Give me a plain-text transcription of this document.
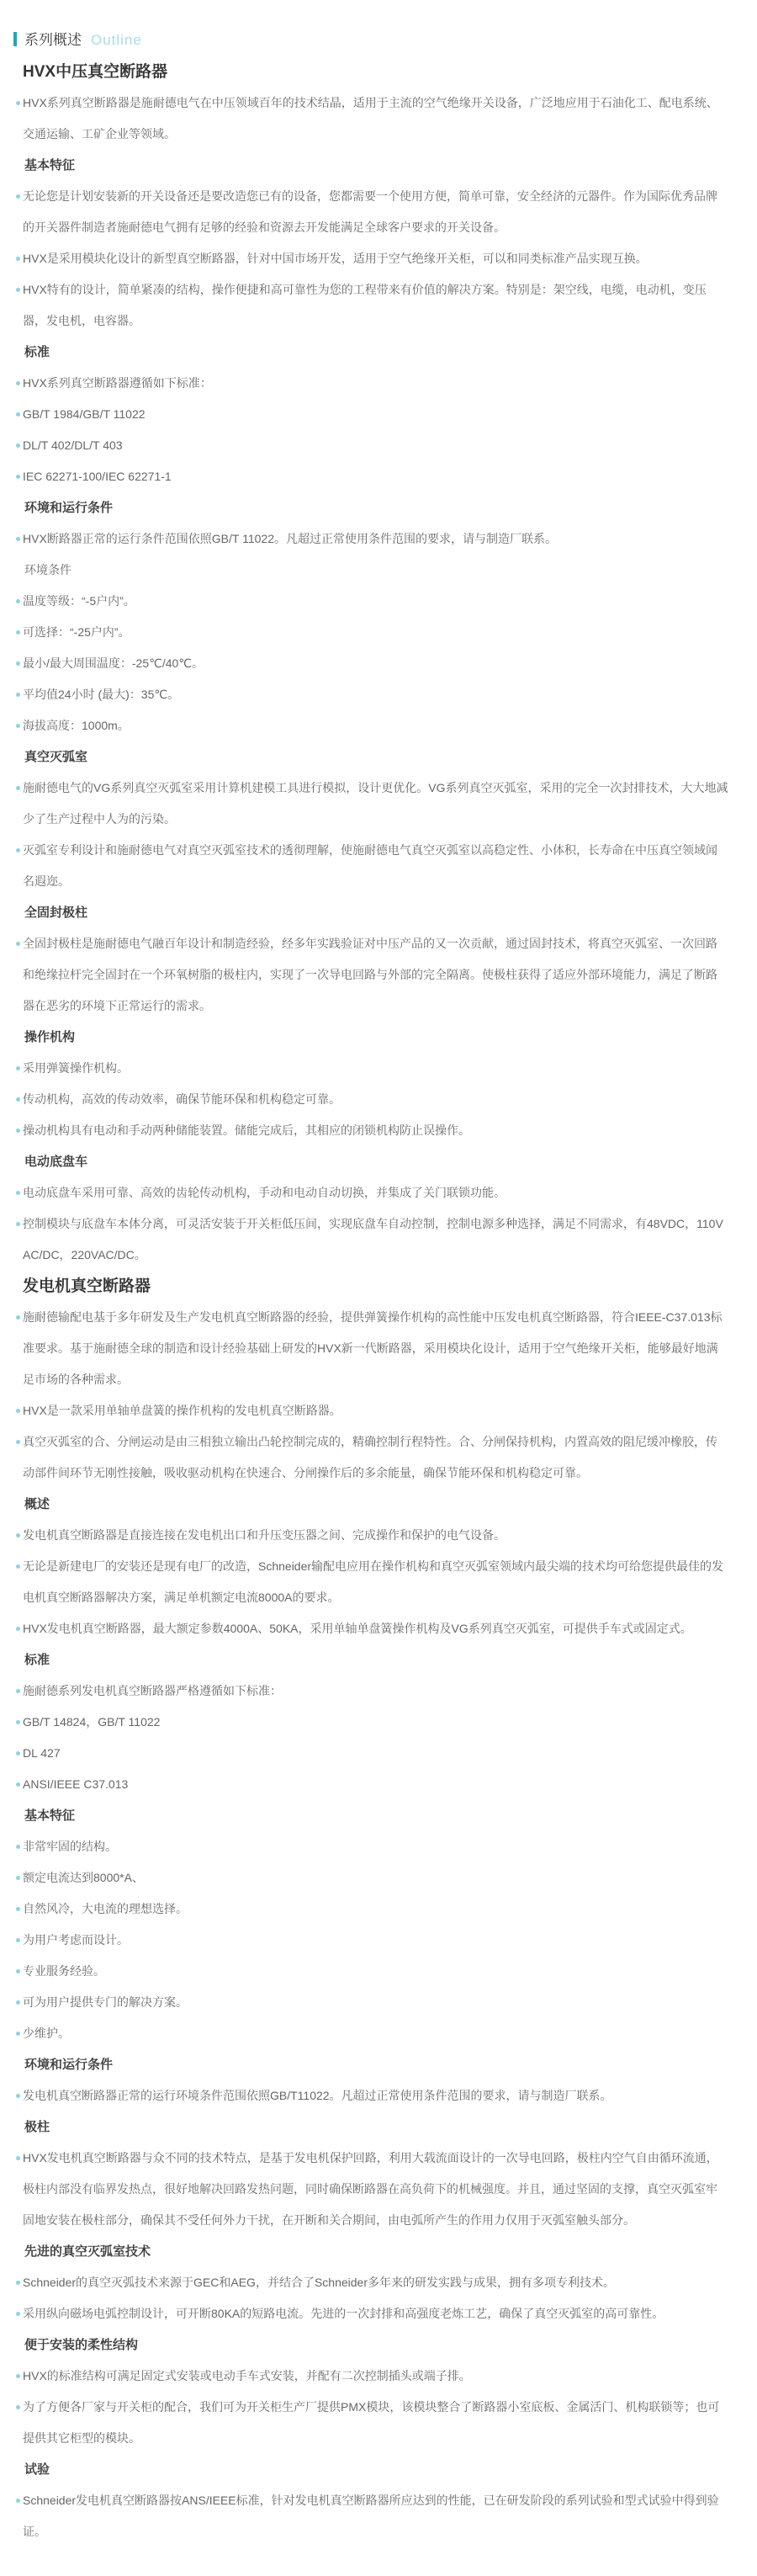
系列概述 Outline
HVX中压真空断路器

HVX系列真空断路器是施耐德电气在中压领域百年的技术结晶，适用于主流的空气绝缘开关设备，广泛地应用于石油化工、配电系统、交通运输、工矿企业等领域。

基本特征

无论您是计划安装新的开关设备还是要改造您已有的设备，您都需要一个使用方便，简单可靠，安全经济的元器件。作为国际优秀品牌的开关器件制造者施耐德电气拥有足够的经验和资源去开发能满足全球客户要求的开关设备。

HVX是采用模块化设计的新型真空断路器，针对中国市场开发，适用于空气绝缘开关柜，可以和同类标准产品实现互换。

HVX特有的设计，简单紧凑的结构，操作便捷和高可靠性为您的工程带来有价值的解决方案。特别是：架空线，电缆，电动机，变压器，发电机，电容器。

标准

HVX系列真空断路器遵循如下标准：

GB/T 1984/GB/T 11022

DL/T 402/DL/T 403

IEC 62271-100/IEC 62271-1

环境和运行条件

HVX断路器正常的运行条件范围依照GB/T 11022。凡超过正常使用条件范围的要求，请与制造厂联系。

环境条件

温度等级：“-5户内”。

可选择：“-25户内”。

最小/最大周围温度：-25℃/40℃。

平均值24小时 (最大)：35℃。

海拔高度：1000m。

真空灭弧室

施耐德电气的VG系列真空灭弧室采用计算机建模工具进行模拟，设计更优化。VG系列真空灭弧室，采用的完全一次封排技术，大大地减少了生产过程中人为的污染。

灭弧室专利设计和施耐德电气对真空灭弧室技术的透彻理解，使施耐德电气真空灭弧室以高稳定性、小体积，长寿命在中压真空领域闻名遐迩。

全固封极柱

全固封极柱是施耐德电气融百年设计和制造经验，经多年实践验证对中压产品的又一次贡献，通过固封技术，将真空灭弧室、一次回路和绝缘拉杆完全固封在一个环氧树脂的极柱内，实现了一次导电回路与外部的完全隔离。使极柱获得了适应外部环境能力，满足了断路器在恶劣的环境下正常运行的需求。

操作机构

采用弹簧操作机构。

传动机构，高效的传动效率，确保节能环保和机构稳定可靠。

操动机构具有电动和手动两种储能装置。储能完成后，其相应的闭锁机构防止误操作。

电动底盘车

电动底盘车采用可靠、高效的齿轮传动机构，手动和电动自动切换，并集成了关门联锁功能。

控制模块与底盘车本体分离，可灵活安装于开关柜低压间，实现底盘车自动控制，控制电源多种选择，满足不同需求，有48VDC，110V AC/DC，220VAC/DC。

发电机真空断路器

施耐德输配电基于多年研发及生产发电机真空断路器的经验，提供弹簧操作机构的高性能中压发电机真空断路器，符合IEEE-C37.013标准要求。基于施耐德全球的制造和设计经验基础上研发的HVX新一代断路器，采用模块化设计，适用于空气绝缘开关柜，能够最好地满足市场的各种需求。

HVX是一款采用单轴单盘簧的操作机构的发电机真空断路器。

真空灭弧室的合、分闸运动是由三相独立输出凸轮控制完成的，精确控制行程特性。合、分闸保持机构，内置高效的阻尼缓冲橡胶，传动部件间环节无刚性接触，吸收驱动机构在快速合、分闸操作后的多余能量，确保节能环保和机构稳定可靠。

概述

发电机真空断路器是直接连接在发电机出口和升压变压器之间、完成操作和保护的电气设备。

无论是新建电厂的安装还是现有电厂的改造，Schneider输配电应用在操作机构和真空灭弧室领域内最尖端的技术均可给您提供最佳的发电机真空断路器解决方案，满足单机额定电流8000A的要求。

HVX发电机真空断路器，最大额定参数4000A、50KA，采用单轴单盘簧操作机构及VG系列真空灭弧室，可提供手车式或固定式。

标准

施耐德系列发电机真空断路器严格遵循如下标准：

GB/T 14824，GB/T 11022

DL 427

ANSI/IEEE C37.013

基本特征

非常牢固的结构。

额定电流达到8000*A、

自然风冷，大电流的理想选择。

为用户考虑而设计。

专业服务经验。

可为用户提供专门的解决方案。

少维护。

环境和运行条件

发电机真空断路器正常的运行环境条件范围依照GB/T11022。凡超过正常使用条件范围的要求，请与制造厂联系。

极柱

HVX发电机真空断路器与众不同的技术特点，是基于发电机保护回路，利用大载流面设计的一次导电回路，极柱内空气自由循环流通，极柱内部没有临界发热点，很好地解决回路发热问题，同时确保断路器在高负荷下的机械强度。并且，通过坚固的支撑，真空灭弧室牢固地安装在极柱部分，确保其不受任何外力干扰，在开断和关合期间，由电弧所产生的作用力仅用于灭弧室触头部分。

先进的真空灭弧室技术

Schneider的真空灭弧技术来源于GEC和AEG，并结合了Schneider多年来的研发实践与成果，拥有多项专利技术。

采用纵向磁场电弧控制设计，可开断80KA的短路电流。先进的一次封排和高强度老炼工艺，确保了真空灭弧室的高可靠性。

便于安装的柔性结构

HVX的标准结构可满足固定式安装或电动手车式安装，并配有二次控制插头或端子排。

为了方便各厂家与开关柜的配合，我们可为开关柜生产厂提供PMX模块，该模块整合了断路器小室底板、金属活门、机构联锁等；也可提供其它柜型的模块。

试验

Schneider发电机真空断路器按ANS/IEEE标准，针对发电机真空断路器所应达到的性能，已在研发阶段的系列试验和型式试验中得到验证。
